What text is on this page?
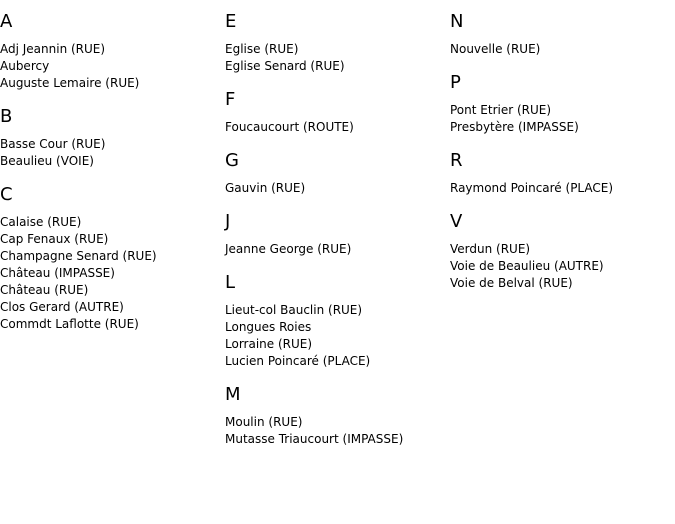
A
Adj Jeannin (RUE)
Aubercy
Auguste Lemaire (RUE)
B
Basse Cour (RUE)
Beaulieu (VOIE)
C
Calaise (RUE)
Cap Fenaux (RUE)
Champagne Senard (RUE)
Château (IMPASSE)
Château (RUE)
Clos Gerard (AUTRE)
Commdt Laflotte (RUE)
E
Eglise (RUE)
Eglise Senard (RUE)
F
Foucaucourt (ROUTE)
G
Gauvin (RUE)
J
Jeanne George (RUE)
L
Lieut-col Bauclin (RUE)
Longues Roies
Lorraine (RUE)
Lucien Poincaré (PLACE)
M
Moulin (RUE)
Mutasse Triaucourt (IMPASSE)
N
Nouvelle (RUE)
P
Pont Etrier (RUE)
Presbytère (IMPASSE)
R
Raymond Poincaré (PLACE)
V
Verdun (RUE)
Voie de Beaulieu (AUTRE)
Voie de Belval (RUE)
